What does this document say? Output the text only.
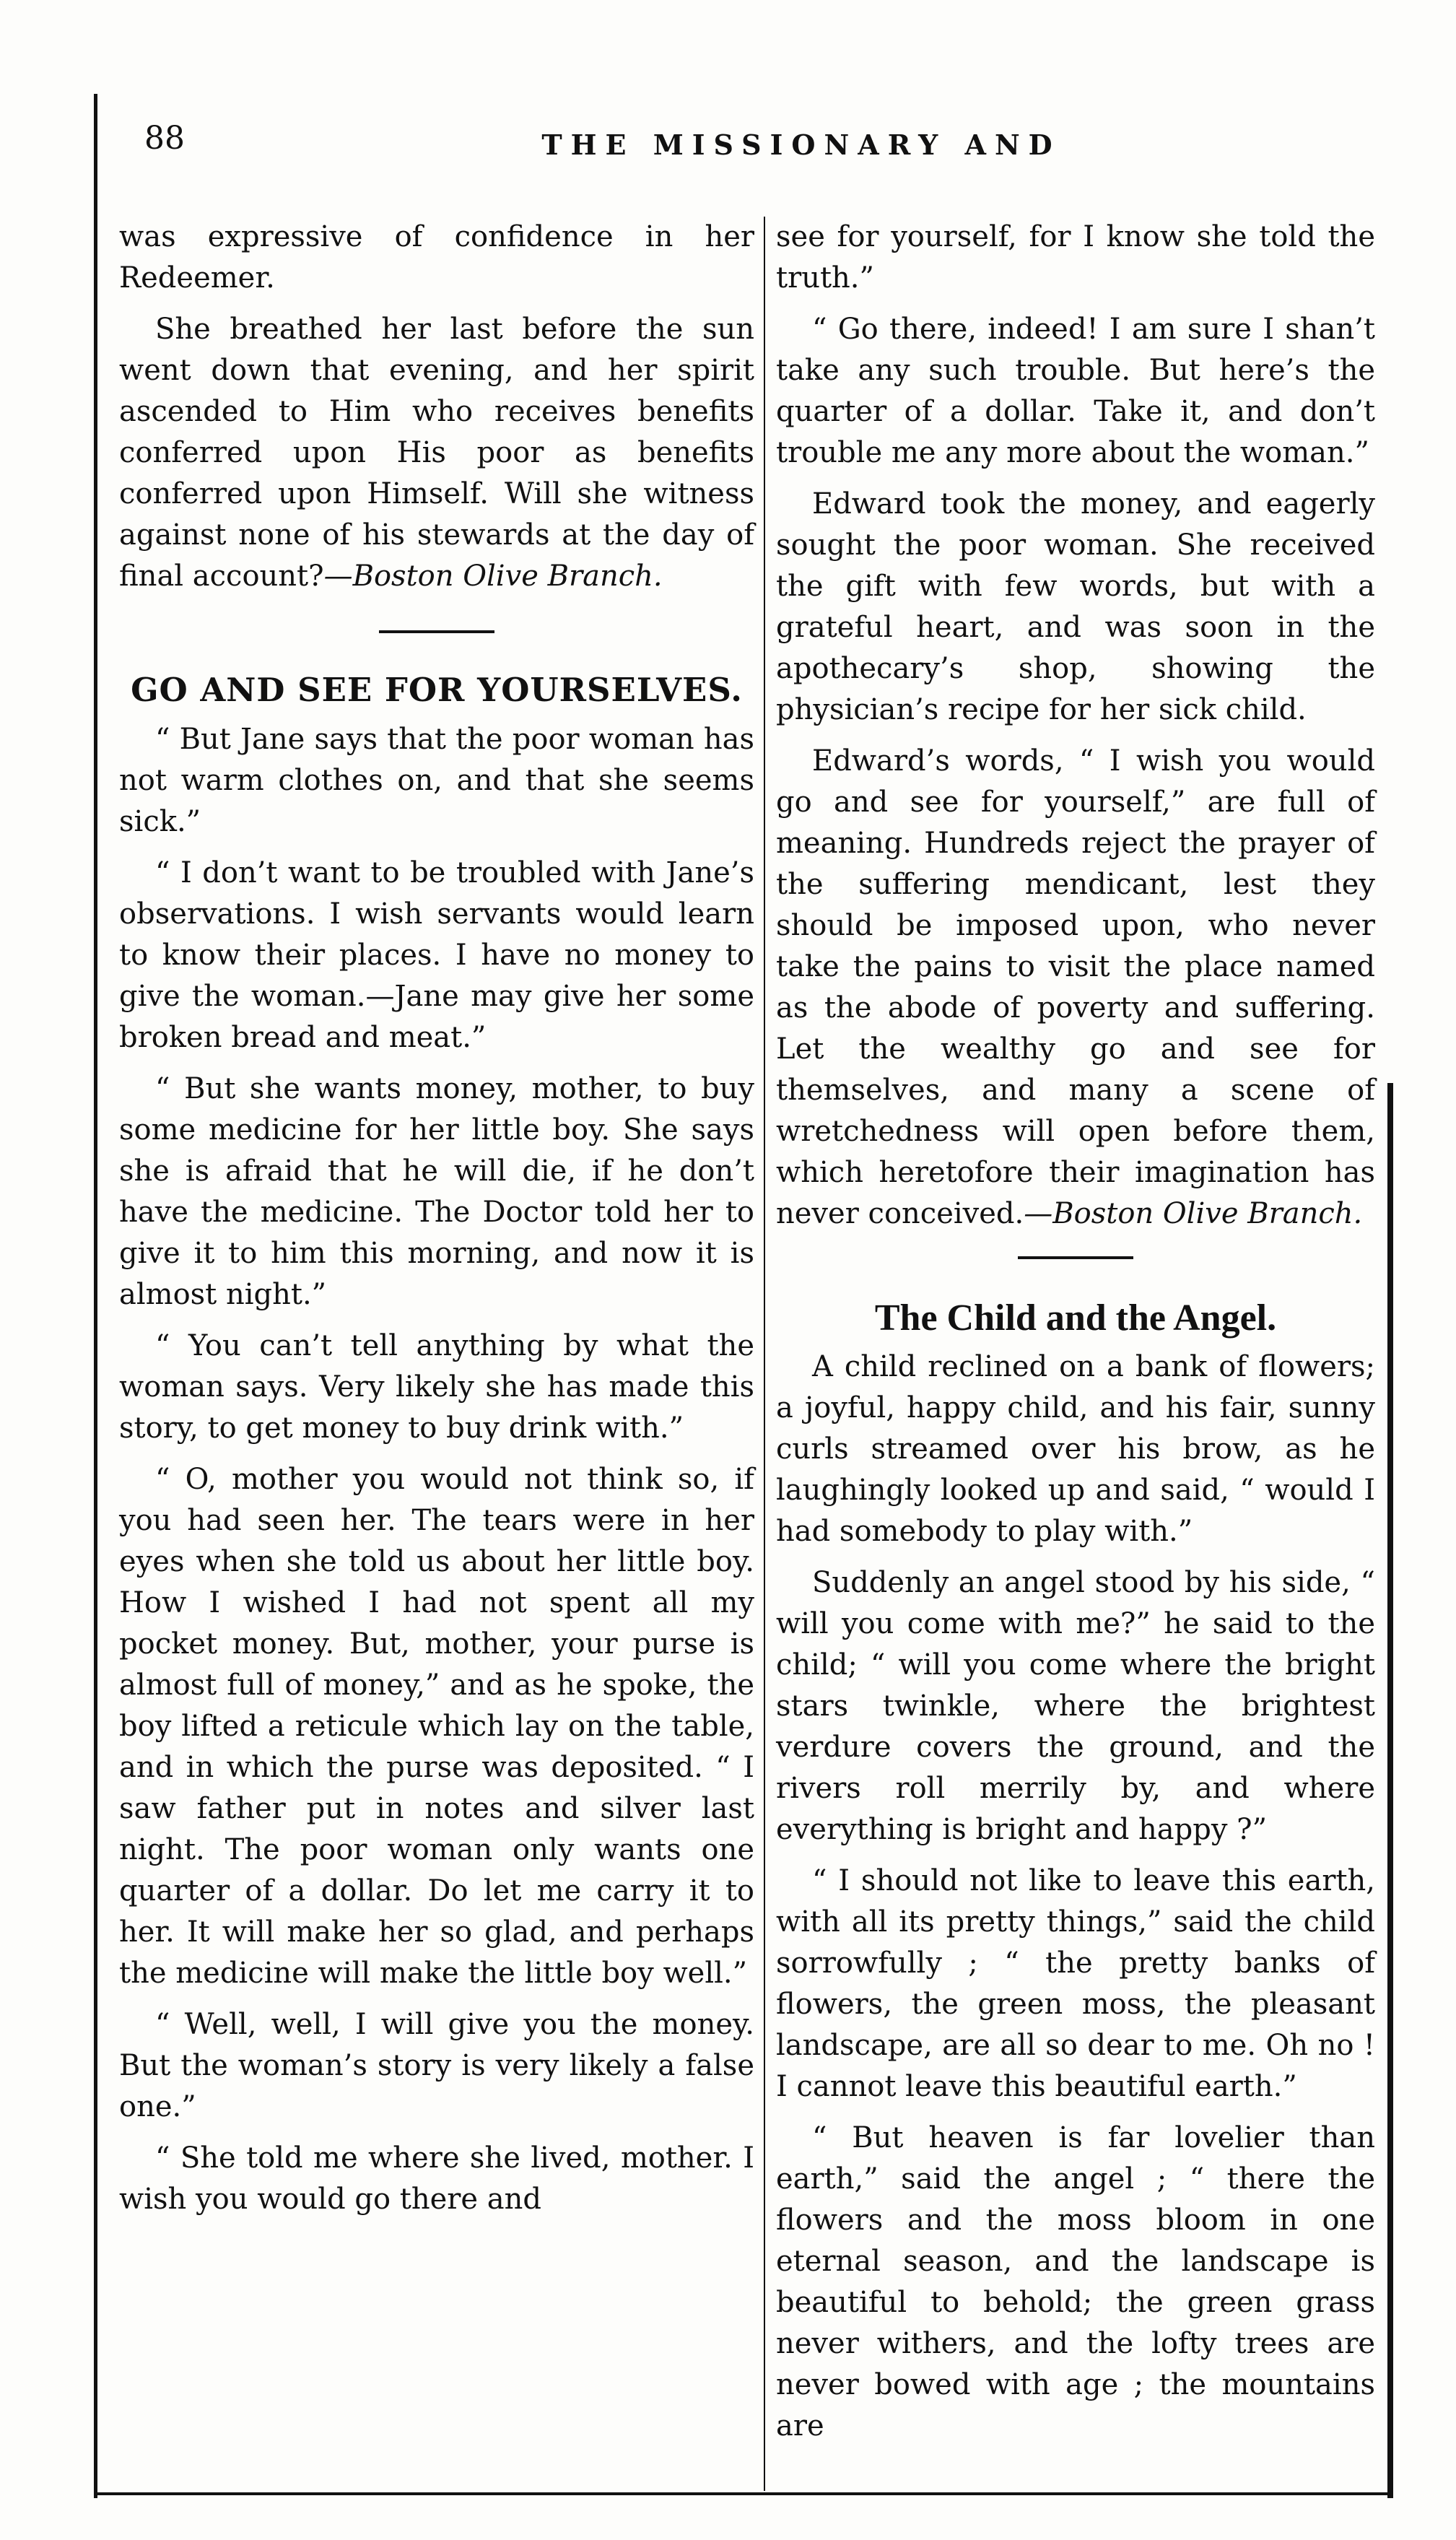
88	THE MISSIONARY AND

was expressive of confidence in her Redeemer.

She breathed her last before the sun went down that evening, and her spirit ascended to Him who receives benefits conferred upon His poor as benefits conferred upon Himself. Will she witness against none of his stewards at the day of final account?—Boston Olive Branch.

GO AND SEE FOR YOURSELVES.

“ But Jane says that the poor woman has not warm clothes on, and that she seems sick.”

“ I don’t want to be troubled with Jane’s observations. I wish servants would learn to know their places. I have no money to give the woman.—Jane may give her some broken bread and meat.”

“ But she wants money, mother, to buy some medicine for her little boy. She says she is afraid that he will die, if he don’t have the medicine. The Doctor told her to give it to him this morning, and now it is almost night.”

“ You can’t tell anything by what the woman says. Very likely she has made this story, to get money to buy drink with.”

“ O, mother you would not think so, if you had seen her. The tears were in her eyes when she told us about her little boy. How I wished I had not spent all my pocket money. But, mother, your purse is almost full of money,” and as he spoke, the boy lifted a reticule which lay on the table, and in which the purse was deposited. “ I saw father put in notes and silver last night. The poor woman only wants one quarter of a dollar. Do let me carry it to her. It will make her so glad, and perhaps the medicine will make the little boy well.”

“ Well, well, I will give you the money. But the woman’s story is very likely a false one.”

“ She told me where she lived, mother. I wish you would go there and

see for yourself, for I know she told the truth.”

“ Go there, indeed! I am sure I shan’t take any such trouble. But here’s the quarter of a dollar. Take it, and don’t trouble me any more about the woman.”

Edward took the money, and eagerly sought the poor woman. She received the gift with few words, but with a grateful heart, and was soon in the apothecary’s shop, showing the physician’s recipe for her sick child.

Edward’s words, “ I wish you would go and see for yourself,” are full of meaning. Hundreds reject the prayer of the suffering mendicant, lest they should be imposed upon, who never take the pains to visit the place named as the abode of poverty and suffering. Let the wealthy go and see for themselves, and many a scene of wretchedness will open before them, which heretofore their imagination has never conceived.—Boston Olive Branch.

The Child and the Angel.

A child reclined on a bank of flowers; a joyful, happy child, and his fair, sunny curls streamed over his brow, as he laughingly looked up and said, “ would I had somebody to play with.”

Suddenly an angel stood by his side, “ will you come with me?” he said to the child; “ will you come where the bright stars twinkle, where the brightest verdure covers the ground, and the rivers roll merrily by, and where everything is bright and happy ?”

“ I should not like to leave this earth, with all its pretty things,” said the child sorrowfully ; “ the pretty banks of flowers, the green moss, the pleasant landscape, are all so dear to me. Oh no ! I cannot leave this beautiful earth.”

“ But heaven is far lovelier than earth,” said the angel ; “ there the flowers and the moss bloom in one eternal season, and the landscape is beautiful to behold; the green grass never withers, and the lofty trees are never bowed with age ; the mountains are
